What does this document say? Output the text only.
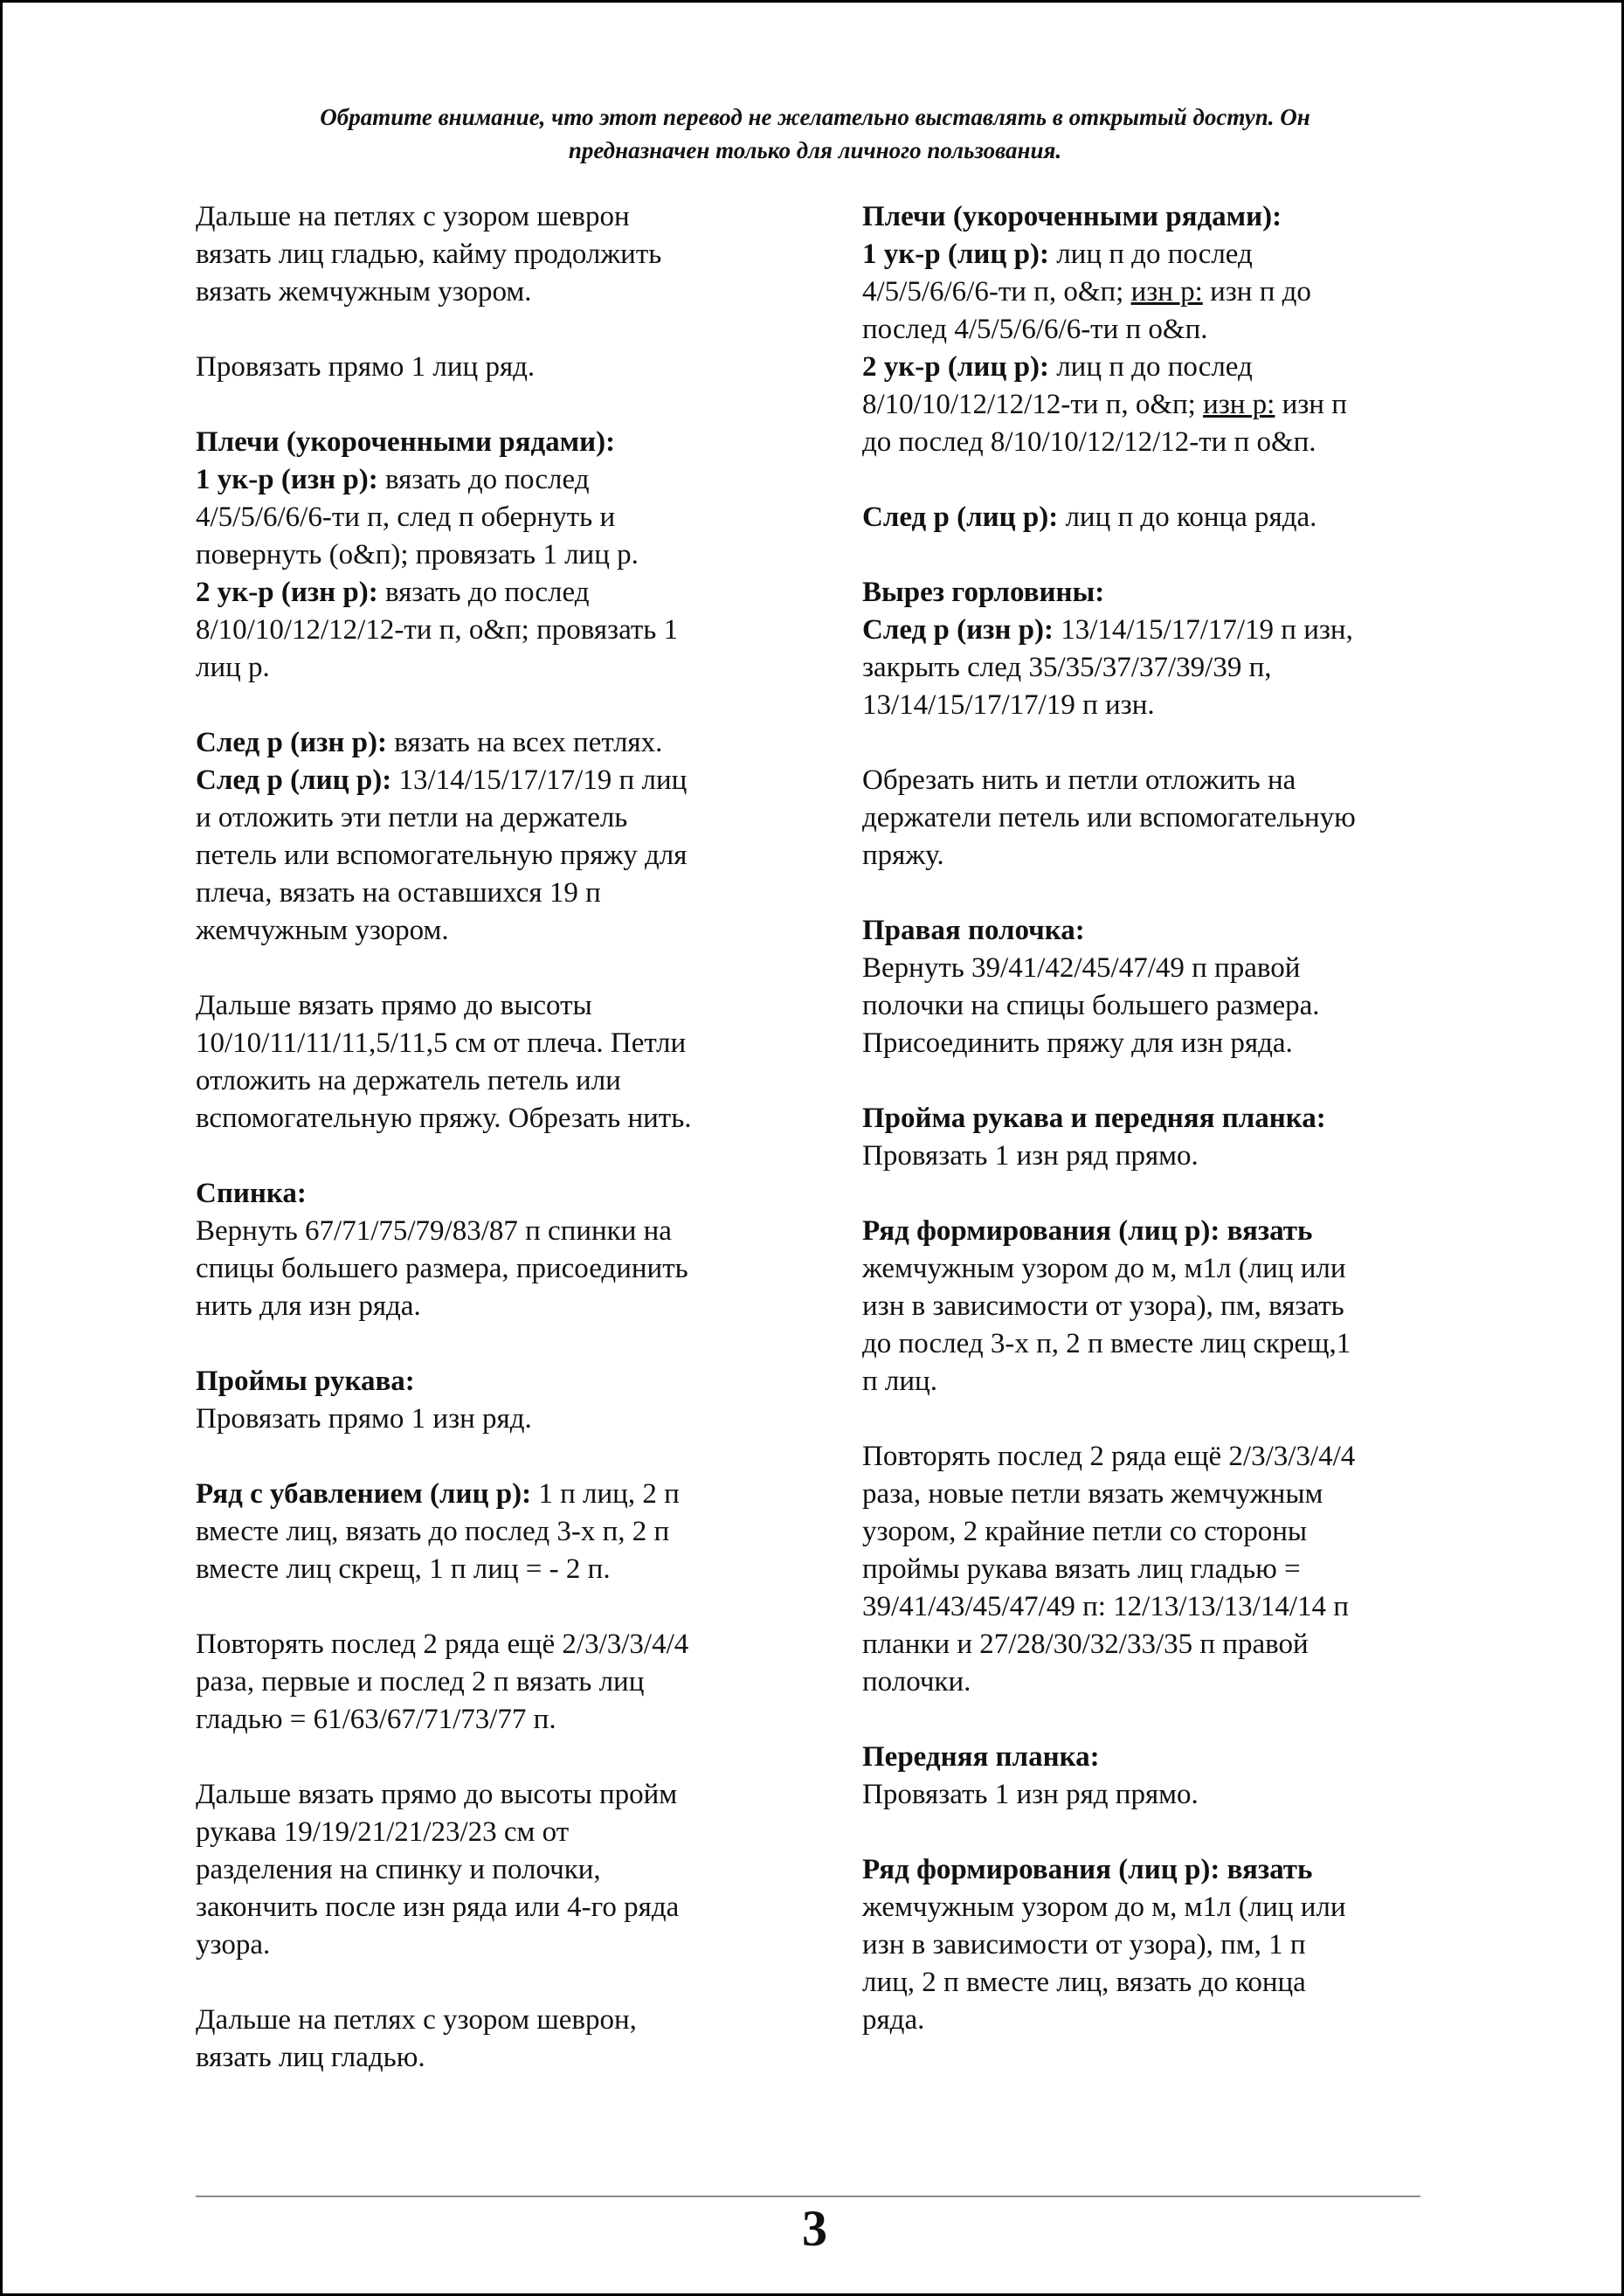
Обратите внимание, что этот перевод не желательно выставлять в открытый доступ. Он
предназначен только для личного пользования.
Дальше на петлях с узором шеврон
вязать лиц гладью, кайму продолжить
вязать жемчужным узором.
Провязать прямо 1 лиц ряд.
Плечи (укороченными рядами):
1 ук-р (изн р): вязать до послед
4/5/5/6/6/6-ти п, след п обернуть и
повернуть (о&п); провязать 1 лиц р.
2 ук-р (изн р): вязать до послед
8/10/10/12/12/12-ти п, о&п; провязать 1
лиц р.
След р (изн р): вязать на всех петлях.
След р (лиц р): 13/14/15/17/17/19 п лиц
и отложить эти петли на держатель
петель или вспомогательную пряжу для
плеча, вязать на оставшихся 19 п
жемчужным узором.
Дальше вязать прямо до высоты
10/10/11/11/11,5/11,5 см от плеча. Петли
отложить на держатель петель или
вспомогательную пряжу. Обрезать нить.
Спинка:
Вернуть 67/71/75/79/83/87 п спинки на
спицы большего размера, присоединить
нить для изн ряда.
Проймы рукава:
Провязать прямо 1 изн ряд.
Ряд с убавлением (лиц р): 1 п лиц, 2 п
вместе лиц, вязать до послед 3-х п, 2 п
вместе лиц скрещ, 1 п лиц = - 2 п.
Повторять послед 2 ряда ещё 2/3/3/3/4/4
раза, первые и послед 2 п вязать лиц
гладью = 61/63/67/71/73/77 п.
Дальше вязать прямо до высоты пройм
рукава 19/19/21/21/23/23 см от
разделения на спинку и полочки,
закончить после изн ряда или 4-го ряда
узора.
Дальше на петлях с узором шеврон,
вязать лиц гладью.
Плечи (укороченными рядами):
1 ук-р (лиц р): лиц п до послед
4/5/5/6/6/6-ти п, о&п; изн р: изн п до
послед 4/5/5/6/6/6-ти п о&п.
2 ук-р (лиц р): лиц п до послед
8/10/10/12/12/12-ти п, о&п; изн р: изн п
до послед 8/10/10/12/12/12-ти п о&п.
След р (лиц р): лиц п до конца ряда.
Вырез горловины:
След р (изн р): 13/14/15/17/17/19 п изн,
закрыть след 35/35/37/37/39/39 п,
13/14/15/17/17/19 п изн.
Обрезать нить и петли отложить на
держатели петель или вспомогательную
пряжу.
Правая полочка:
Вернуть 39/41/42/45/47/49 п правой
полочки на спицы большего размера.
Присоединить пряжу для изн ряда.
Пройма рукава и передняя планка:
Провязать 1 изн ряд прямо.
Ряд формирования (лиц р): вязать
жемчужным узором до м, м1л (лиц или
изн в зависимости от узора), пм, вязать
до послед 3-х п, 2 п вместе лиц скрещ,1
п лиц.
Повторять послед 2 ряда ещё 2/3/3/3/4/4
раза, новые петли вязать жемчужным
узором, 2 крайние петли со стороны
проймы рукава вязать лиц гладью =
39/41/43/45/47/49 п: 12/13/13/13/14/14 п
планки и 27/28/30/32/33/35 п правой
полочки.
Передняя планка:
Провязать 1 изн ряд прямо.
Ряд формирования (лиц р): вязать
жемчужным узором до м, м1л (лиц или
изн в зависимости от узора), пм, 1 п
лиц, 2 п вместе лиц, вязать до конца
ряда.
3
